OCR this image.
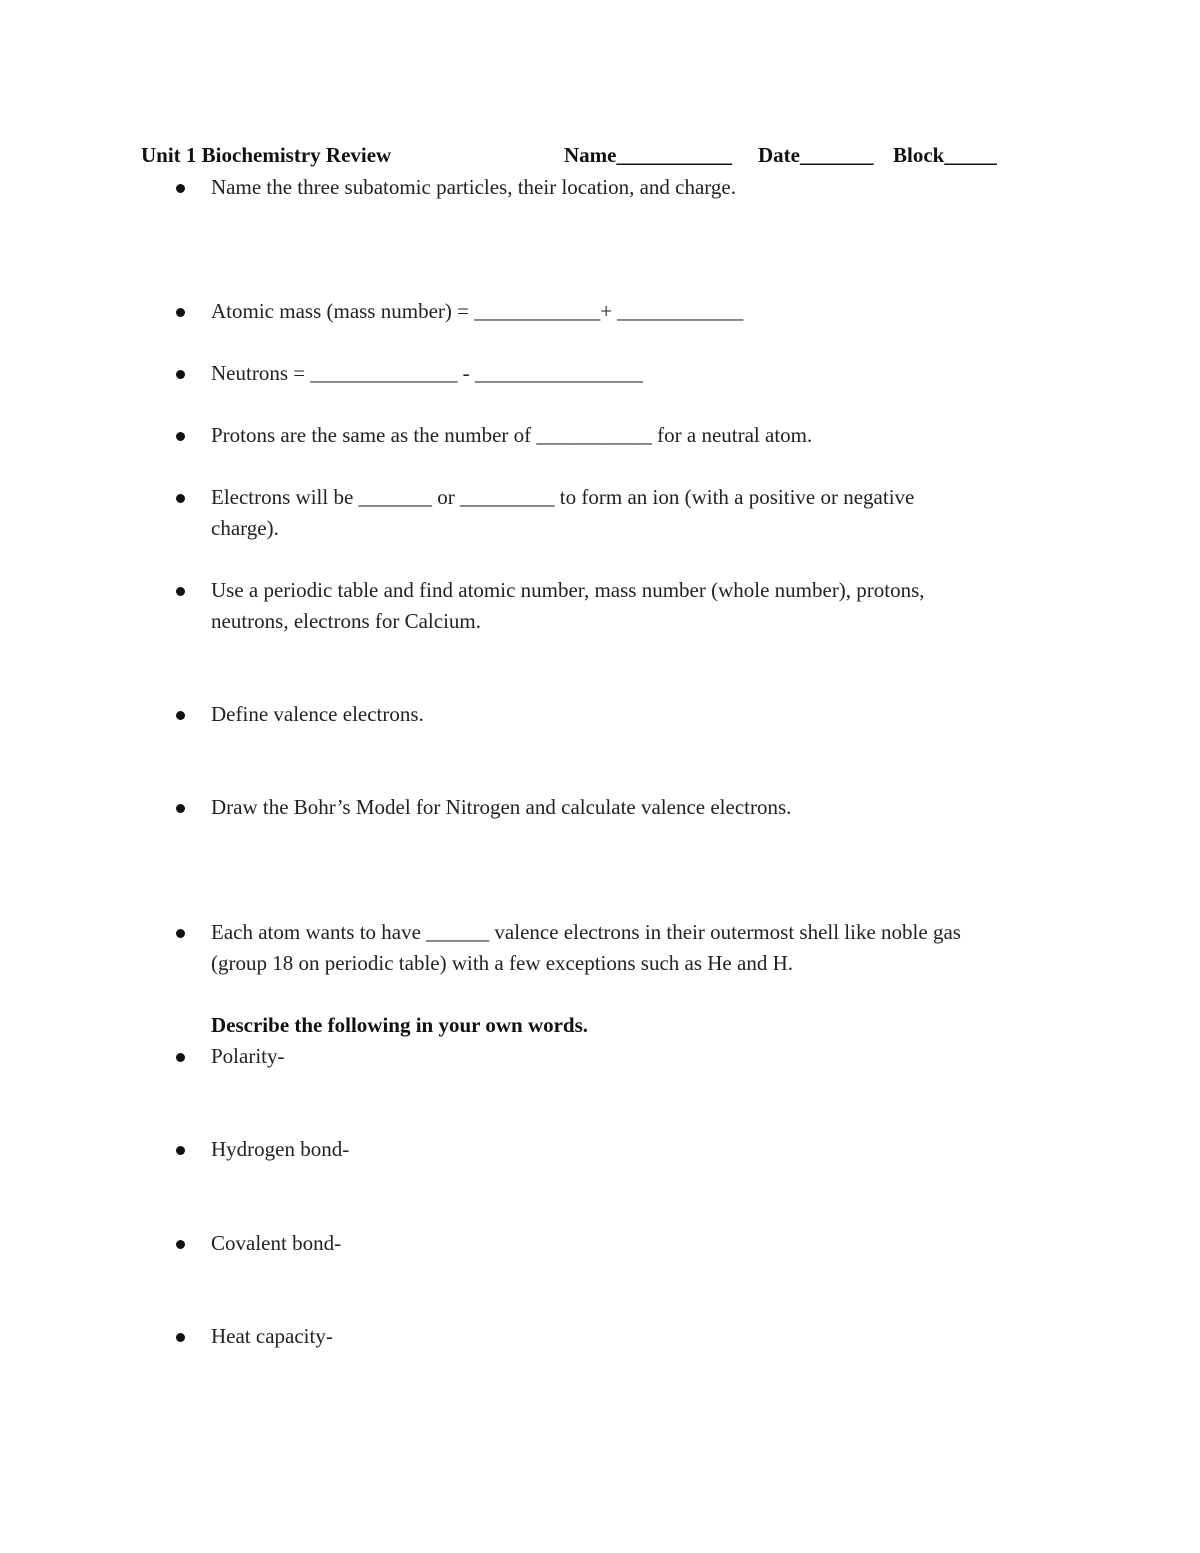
Unit 1 Biochemistry Review	Name___________ Date_______ Block_____
Name the three subatomic particles, their location, and charge.
Atomic mass (mass number) = ____________+ ____________
Neutrons = ______________ - ________________
Protons are the same as the number of ___________ for a neutral atom.
Electrons will be _______ or _________ to form an ion (with a positive or negative
charge).
Use a periodic table and find atomic number, mass number (whole number), protons,
neutrons, electrons for Calcium.
Define valence electrons.
Draw the Bohr’s Model for Nitrogen and calculate valence electrons.
Each atom wants to have ______ valence electrons in their outermost shell like noble gas
(group 18 on periodic table) with a few exceptions such as He and H.
Describe the following in your own words.
Polarity-
Hydrogen bond-
Covalent bond-
Heat capacity-
